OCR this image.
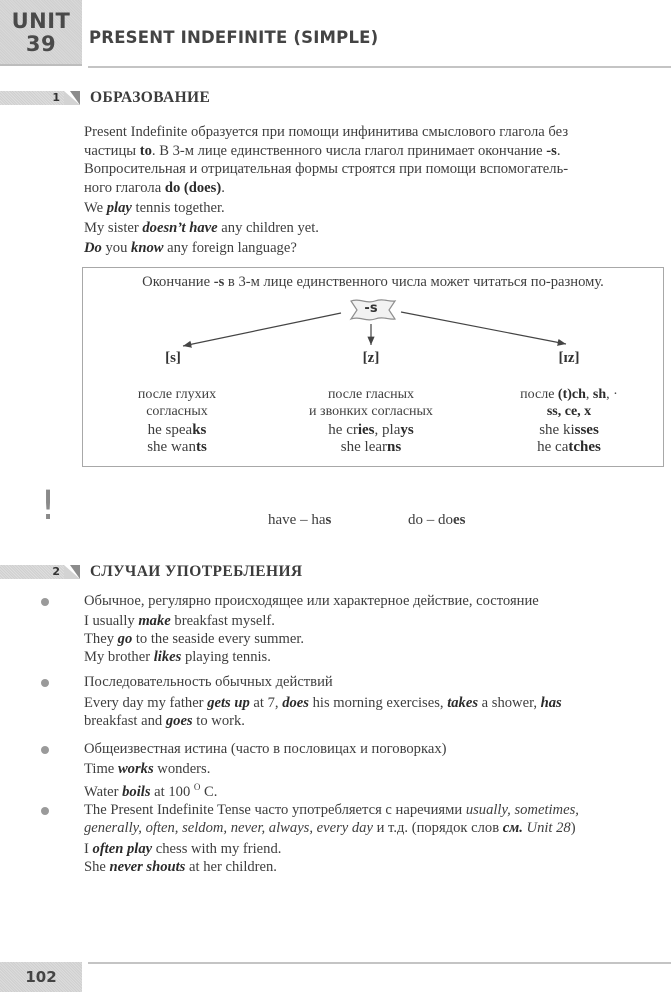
UNIT
39	PRESENT INDEFINITE (SIMPLE)
1 ОБРАЗОВАНИЕ
Present Indefinite образуется при помощи инфинитива смыслового глагола без
частицы to. В 3-м лице единственного числа глагол принимает окончание -s.
Вопросительная и отрицательная формы строятся при помощи вспомогатель-
ного глагола do (does).
We play tennis together.
My sister doesn’t have any children yet.
Do you know any foreign language?
Окончание -s в 3-м лице единственного числа может читаться по-разному.
-s
[s]	[z]	[ɪz]
после глухих
согласных
he speaks
she wants
после гласных
и звонких согласных
he cries, plays
she learns
после (t)ch, sh, ·
ss, ce, x
she kisses
he catches
!	have – has	do – does
2 СЛУЧАИ УПОТРЕБЛЕНИЯ
Обычное, регулярно происходящее или характерное действие, состояние
I usually make breakfast myself.
They go to the seaside every summer.
My brother likes playing tennis.
Последовательность обычных действий
Every day my father gets up at 7, does his morning exercises, takes a shower, has
breakfast and goes to work.
Общеизвестная истина (часто в пословицах и поговорках)
Time works wonders.
Water boils at 100 $^O$ C.
The Present Indefinite Tense часто употребляется с наречиями usually, sometimes,
generally, often, seldom, never, always, every day и т.д. (порядок слов см. Unit 28)
I often play chess with my friend.
She never shouts at her children.
102
